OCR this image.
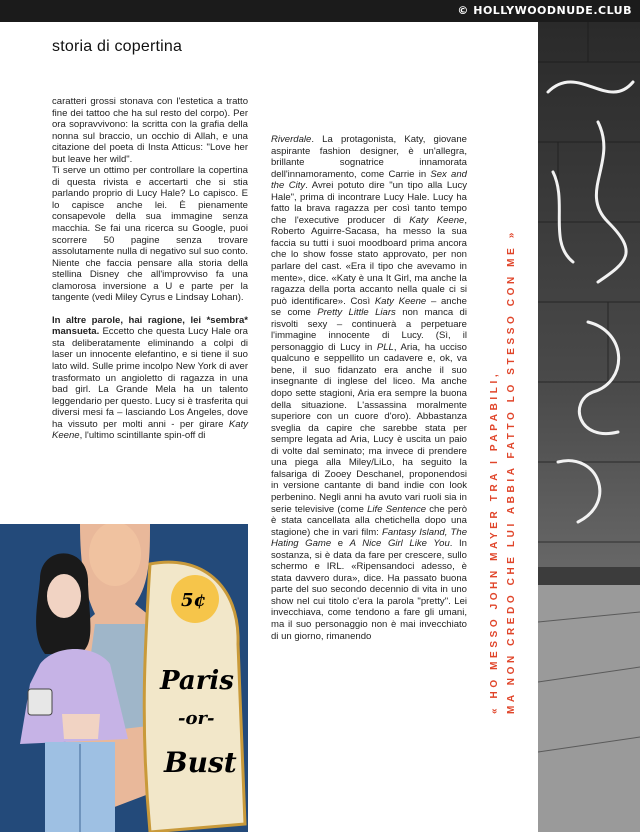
© HOLLYWOODNUDE.CLUB
storia di copertina

caratteri grossi stonava con l'estetica a tratto fine dei tattoo che ha sul resto del corpo). Per ora sopravvivono: la scritta con la grafia della nonna sul braccio, un occhio di Allah, e una citazione del poeta di Insta Atticus: "Love her but leave her wild".

Ti serve un ottimo per controllare la copertina di questa rivista e accertarti che si stia parlando proprio di Lucy Hale? Lo capisco. E lo capisce anche lei. È pienamente consapevole della sua immagine senza macchia. Se fai una ricerca su Google, puoi scorrere 50 pagine senza trovare assolutamente nulla di negativo sul suo conto. Niente che faccia pensare alla storia della stellina Disney che all'improvviso fa una clamorosa inversione a U e parte per la tangente (vedi Miley Cyrus e Lindsay Lohan).

In altre parole, hai ragione, lei *sembra* mansueta. Eccetto che questa Lucy Hale ora sta deliberatamente eliminando a colpi di laser un innocente elefantino, e si tiene il suo lato wild. Sulle prime incolpo New York di aver trasformato un angioletto di ragazza in una bad girl. La Grande Mela ha un talento leggendario per questo. Lucy si è trasferita qui diversi mesi fa – lasciando Los Angeles, dove ha vissuto per molti anni - per girare Katy Keene, l'ultimo scintillante spin-off di

Riverdale. La protagonista, Katy, giovane aspirante fashion designer, è un'allegra, brillante sognatrice innamorata dell'innamoramento, come Carrie in Sex and the City. Avrei potuto dire "un tipo alla Lucy Hale", prima di incontrare Lucy Hale. Lucy ha fatto la brava ragazza per così tanto tempo che l'executive producer di Katy Keene, Roberto Aguirre-Sacasa, ha messo la sua faccia su tutti i suoi moodboard prima ancora che lo show fosse stato approvato, per non parlare del cast. «Era il tipo che avevamo in mente», dice. «Katy è una It Girl, ma anche la ragazza della porta accanto nella quale ci si può identificare». Così Katy Keene – anche se come Pretty Little Liars non manca di risvolti sexy – continuerà a perpetuare l'immagine innocente di Lucy. (Sì, il personaggio di Lucy in PLL, Aria, ha ucciso qualcuno e seppellito un cadavere e, ok, va bene, il suo fidanzato era anche il suo insegnante di inglese del liceo. Ma anche dopo sette stagioni, Aria era sempre la buona della situazione. L'assassina moralmente superiore con un cuore d'oro). Abbastanza sveglia da capire che sarebbe stata per sempre legata ad Aria, Lucy è uscita un paio di volte dal seminato; ma invece di prendere una piega alla Miley/LiLo, ha seguito la falsariga di Zooey Deschanel, proponendosi in versione cantante di band indie con look perbenino. Negli anni ha avuto vari ruoli sia in serie televisive (come Life Sentence che però è stata cancellata alla chetichella dopo una stagione) che in vari film: Fantasy Island, The Hating Game e A Nice Girl Like You. In sostanza, si è data da fare per crescere, sullo schermo e IRL. «Ripensandoci adesso, è stata davvero dura», dice. Ha passato buona parte del suo secondo decennio di vita in uno show nel cui titolo c'era la parola "pretty". Lei invecchiava, come tendono a fare gli umani, ma il suo personaggio non è mai invecchiato di un giorno, rimanendo	« HO MESSO JOHN MAYER TRA I PAPABILI, MA NON CREDO CHE LUI ABBIA FATTO LO STESSO CON ME »
5¢
Paris
-or-
Bust
